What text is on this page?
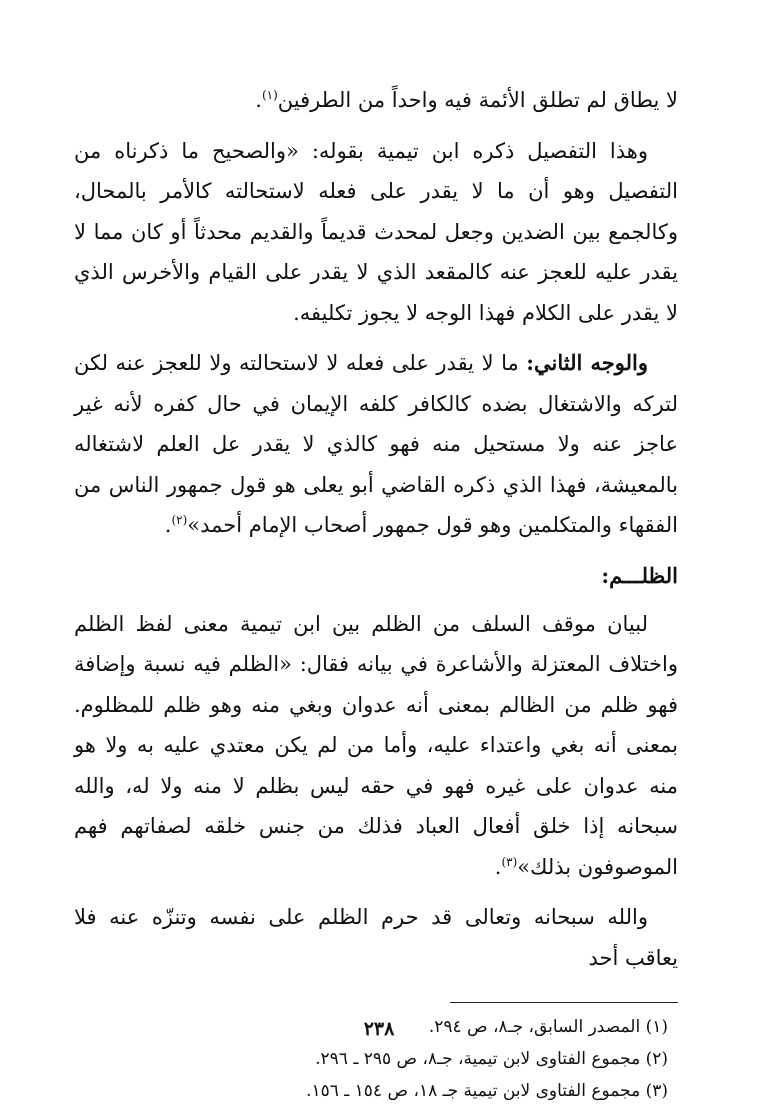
لا يطاق لم تطلق الأئمة فيه واحداً من الطرفين$^{(١)}$.

وهذا التفصيل ذكره ابن تيمية بقوله: «والصحيح ما ذكرناه من التفصيل وهو أن ما لا يقدر على فعله لاستحالته كالأمر بالمحال، وكالجمع بين الضدين وجعل لمحدث قديماً والقديم محدثاً أو كان مما لا يقدر عليه للعجز عنه كالمقعد الذي لا يقدر على القيام والأخرس الذي لا يقدر على الكلام فهذا الوجه لا يجوز تكليفه.

والوجه الثاني: ما لا يقدر على فعله لا لاستحالته ولا للعجز عنه لكن لتركه والاشتغال بضده كالكافر كلفه الإيمان في حال كفره لأنه غير عاجز عنه ولا مستحيل منه فهو كالذي لا يقدر عل العلم لاشتغاله بالمعيشة، فهذا الذي ذكره القاضي أبو يعلى هو قول جمهور الناس من الفقهاء والمتكلمين وهو قول جمهور أصحاب الإمام أحمد»$^{(٢)}$.

الظلـــم:

لبيان موقف السلف من الظلم بين ابن تيمية معنى لفظ الظلم واختلاف المعتزلة والأشاعرة في بيانه فقال: «الظلم فيه نسبة وإضافة فهو ظلم من الظالم بمعنى أنه عدوان وبغي منه وهو ظلم للمظلوم. بمعنى أنه بغي واعتداء عليه، وأما من لم يكن معتدي عليه به ولا هو منه عدوان على غيره فهو في حقه ليس بظلم لا منه ولا له، والله سبحانه إذا خلق أفعال العباد فذلك من جنس خلقه لصفاتهم فهم الموصوفون بذلك»$^{(٣)}$.

والله سبحانه وتعالى قد حرم الظلم على نفسه وتنزّه عنه فلا يعاقب أحد

(١) المصدر السابق، جـ٨، ص ٢٩٤.

(٢) مجموع الفتاوى لابن تيمية، جـ٨، ص ٢٩٥ ـ ٢٩٦.

(٣) مجموع الفتاوى لابن تيمية جـ ١٨، ص ١٥٤ ـ ١٥٦.

٢٣٨
